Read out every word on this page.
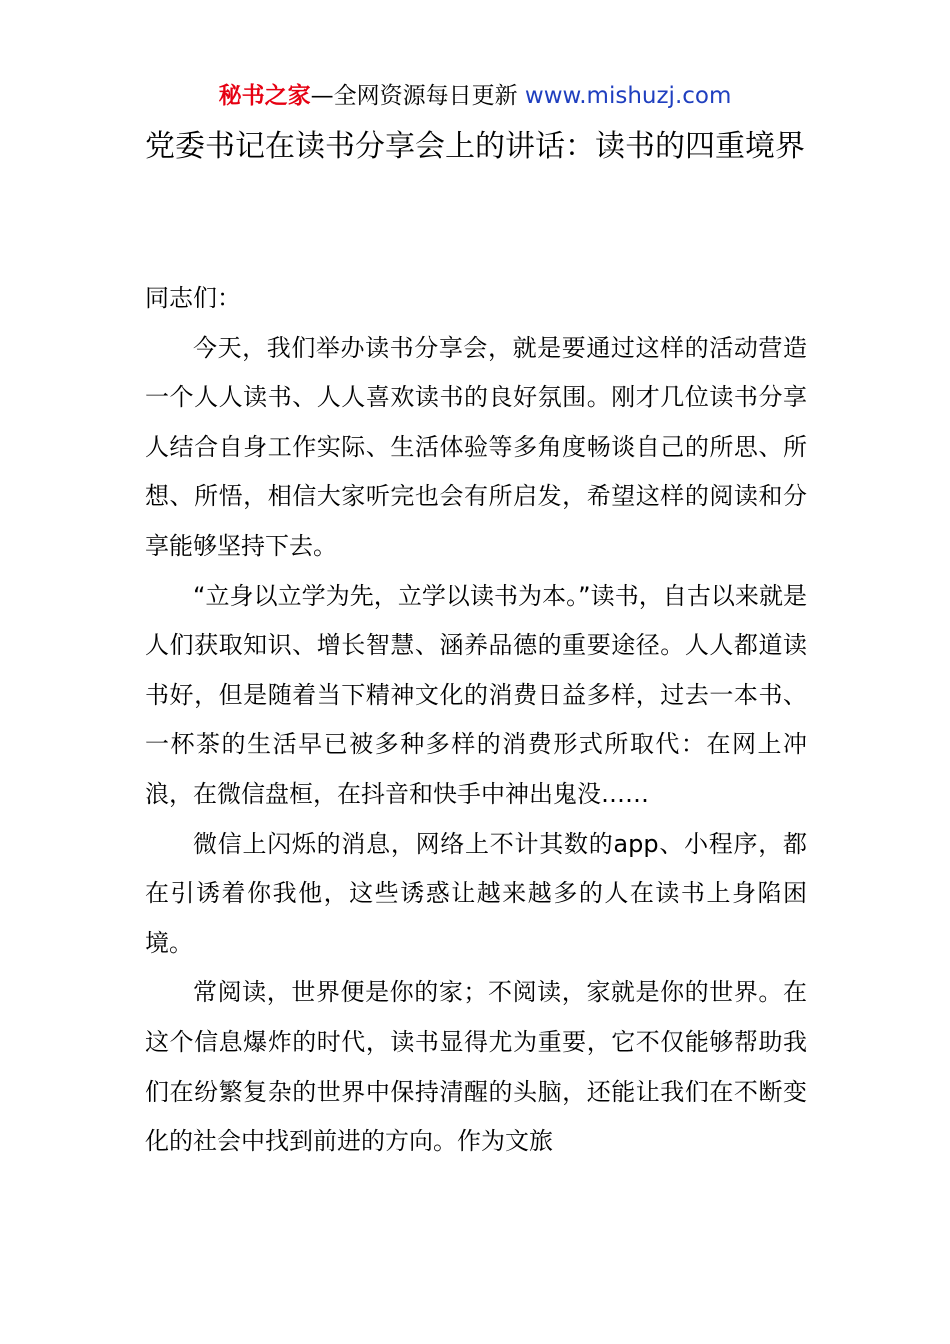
秘书之家—全网资源每日更新 www.mishuzj.com
党委书记在读书分享会上的讲话：读书的四重境界

同志们：

今天，我们举办读书分享会，就是要通过这样的活动营造一个人人读书、人人喜欢读书的良好氛围。刚才几位读书分享人结合自身工作实际、生活体验等多角度畅谈自己的所思、所想、所悟，相信大家听完也会有所启发，希望这样的阅读和分享能够坚持下去。

“立身以立学为先，立学以读书为本。”读书，自古以来就是人们获取知识、增长智慧、涵养品德的重要途径。人人都道读书好，但是随着当下精神文化的消费日益多样，过去一本书、一杯茶的生活早已被多种多样的消费形式所取代：在网上冲浪，在微信盘桓，在抖音和快手中神出鬼没……

微信上闪烁的消息，网络上不计其数的app、小程序，都在引诱着你我他，这些诱惑让越来越多的人在读书上身陷困境。

常阅读，世界便是你的家；不阅读，家就是你的世界。在这个信息爆炸的时代，读书显得尤为重要，它不仅能够帮助我们在纷繁复杂的世界中保持清醒的头脑，还能让我们在不断变化的社会中找到前进的方向。作为文旅
